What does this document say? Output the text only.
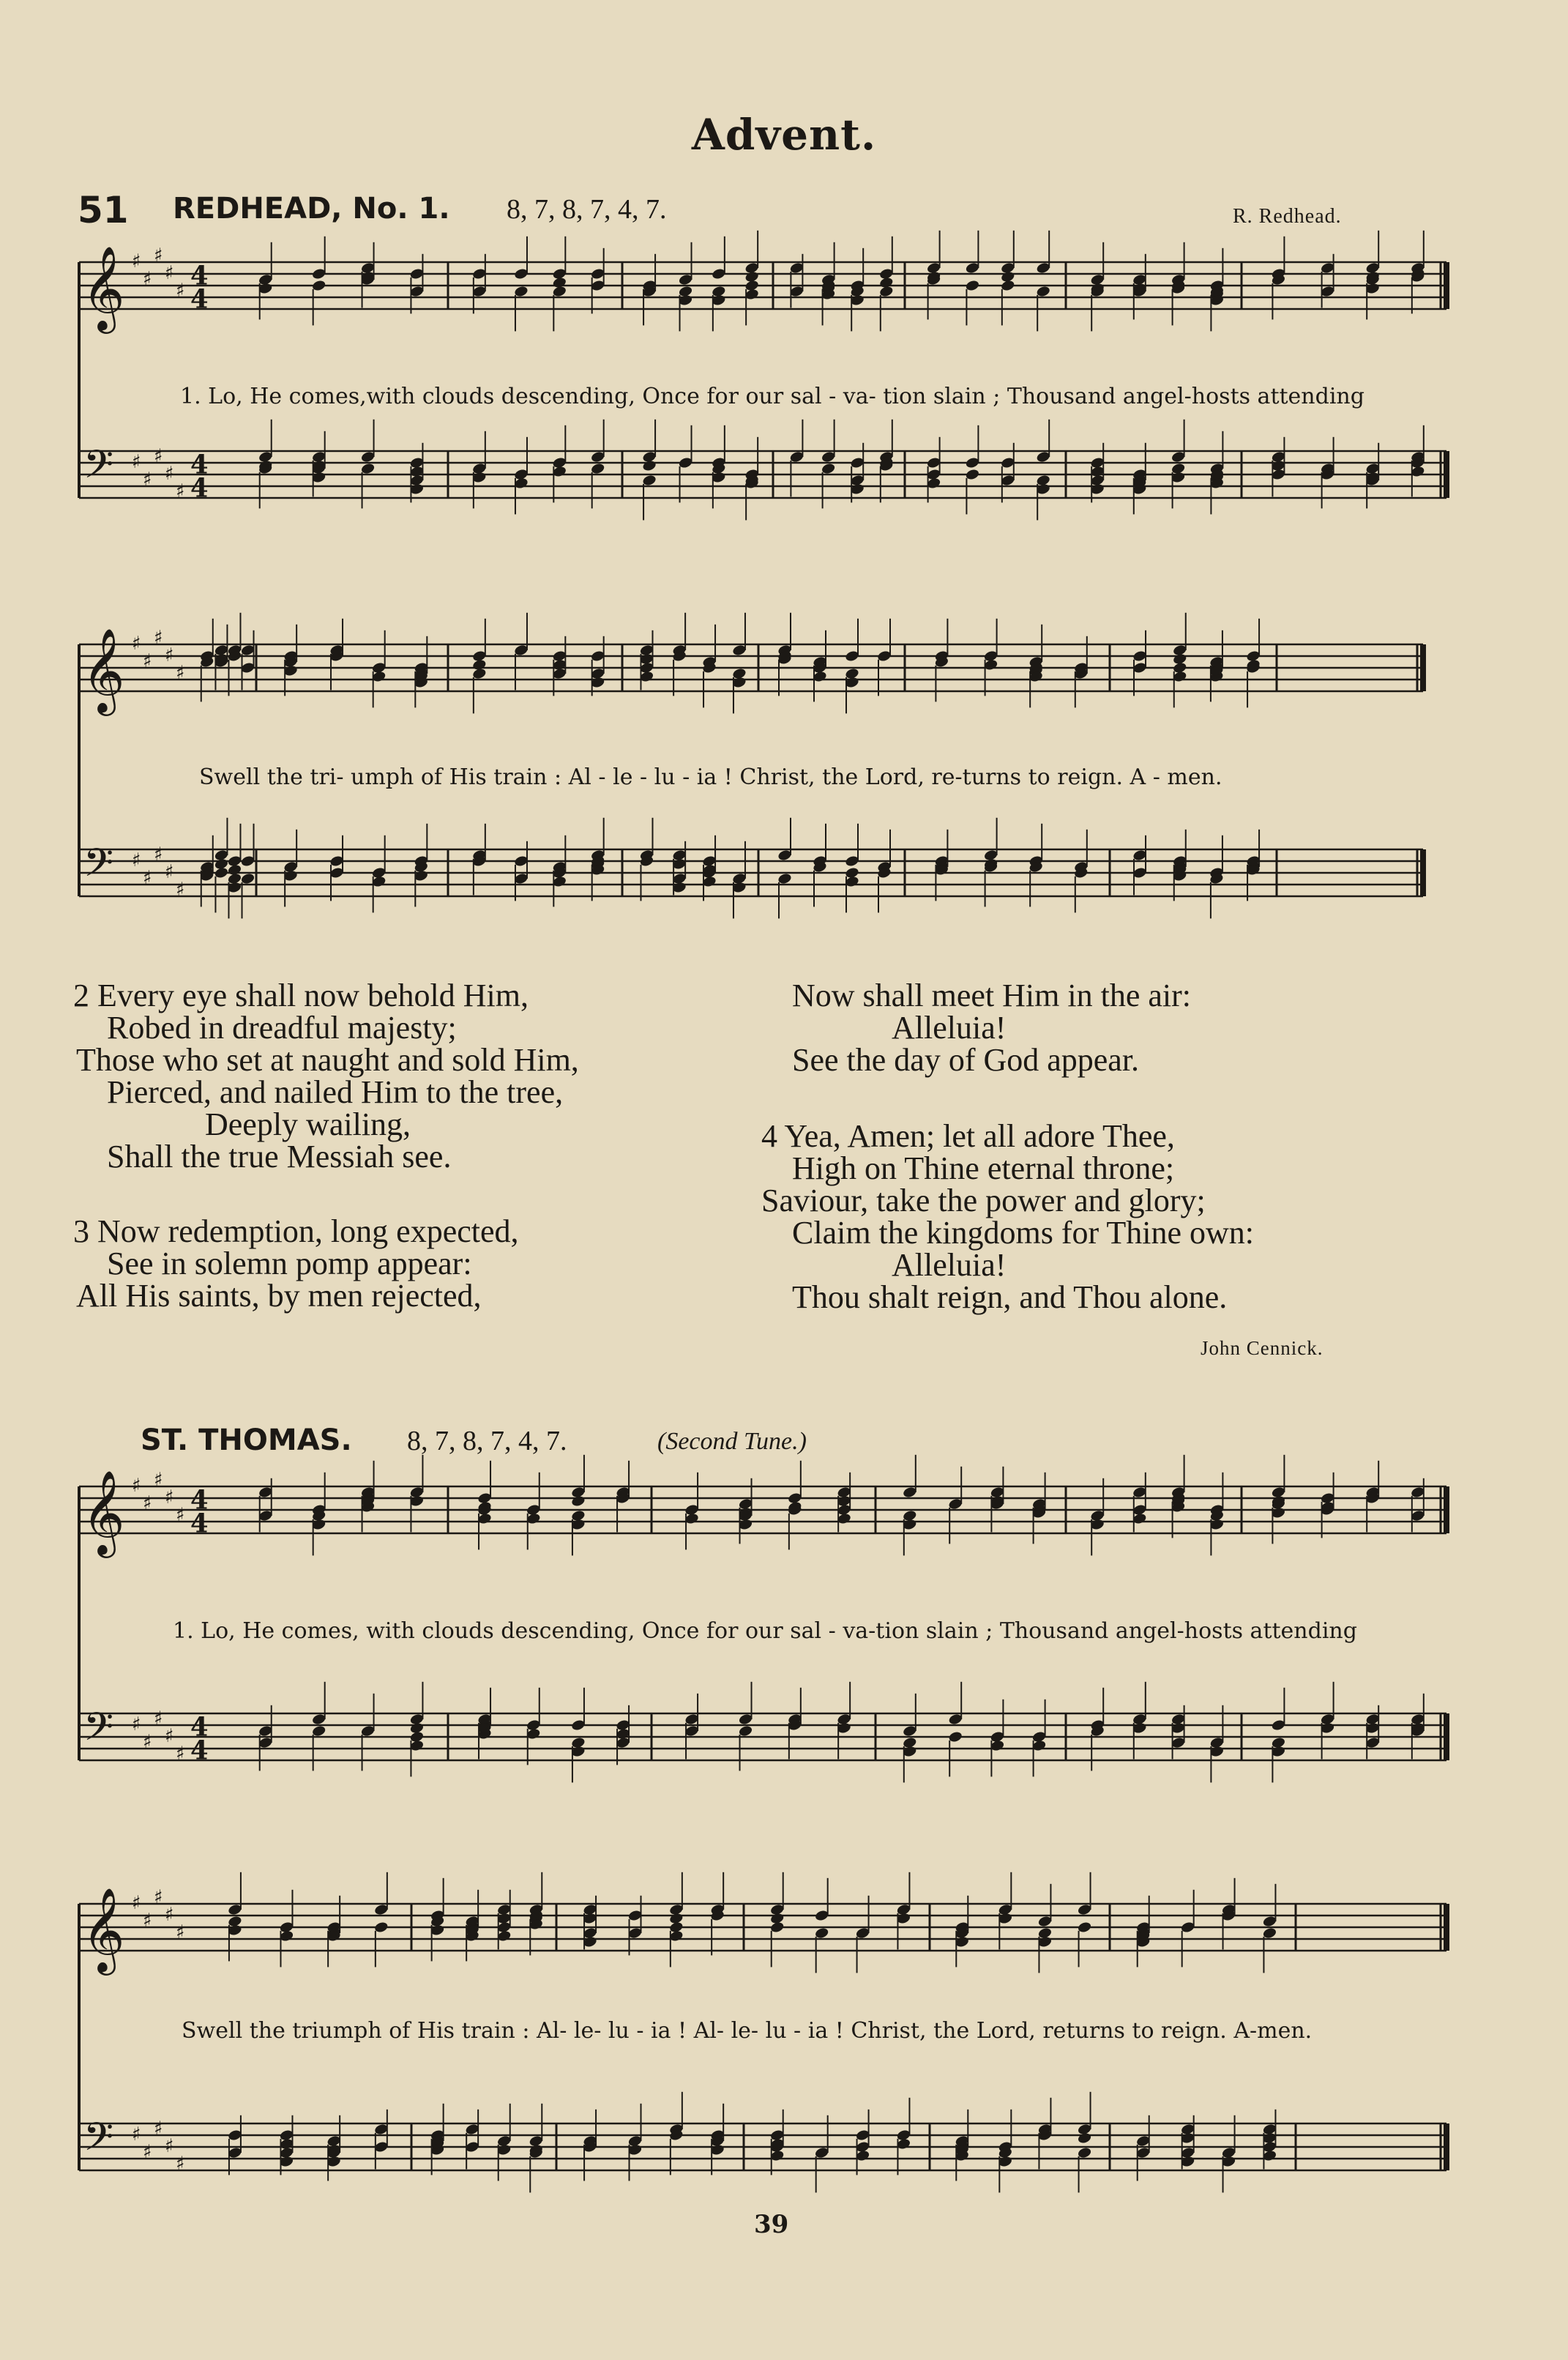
Advent.
51 REDHEAD, No. 1. 8, 7, 8, 7, 4, 7.	R. Redhead.
𝄞
𝄢
♯
♯
♯
♯
♯
♯
♯
♯
♯
♯
4
4
4
4
𝄞
𝄢
♯
♯
♯
♯
♯
♯
♯
♯
♯
♯
𝄞
𝄢
♯
♯
♯
♯
♯
♯
♯
♯
♯
♯
4
4
4
4
𝄞
𝄢
♯
♯
♯
♯
♯
♯
♯
♯
♯
♯
1. Lo, He comes,with clouds descending, Once for our sal - va- tion slain ; Thousand angel-hosts attending
Swell the tri- umph of His train : Al - le - lu - ia ! Christ, the Lord, re-turns to reign. A - men.
2 Every eye shall now behold Him,
Robed in dreadful majesty;
Those who set at naught and sold Him,
Pierced, and nailed Him to the tree,
Deeply wailing,
Shall the true Messiah see.
3 Now redemption, long expected,
See in solemn pomp appear:
All His saints, by men rejected,
Now shall meet Him in the air:
Alleluia!
See the day of God appear.
4 Yea, Amen; let all adore Thee,
High on Thine eternal throne;
Saviour, take the power and glory;
Claim the kingdoms for Thine own:
Alleluia!
Thou shalt reign, and Thou alone.
John Cennick.
ST. THOMAS. 8, 7, 8, 7, 4, 7.	(Second Tune.)
1. Lo, He comes, with clouds descending, Once for our sal - va-tion slain ; Thousand angel-hosts attending
Swell the triumph of His train : Al- le- lu - ia ! Al- le- lu - ia ! Christ, the Lord, returns to reign. A-men.
39
